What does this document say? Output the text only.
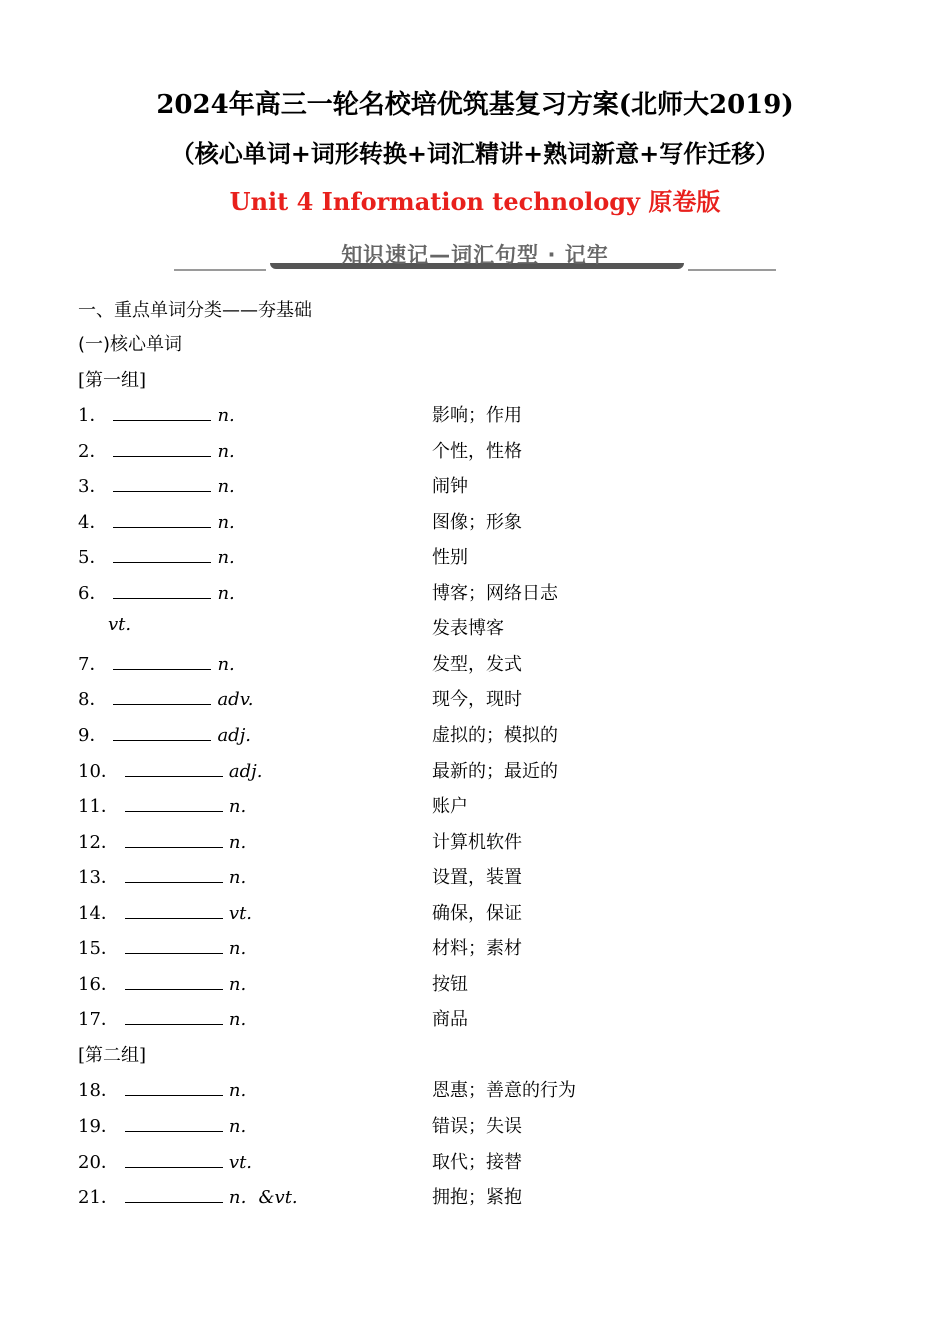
2024年高三一轮名校培优筑基复习方案(北师大2019)
（核心单词+词形转换+词汇精讲+熟词新意+写作迁移）
Unit 4 Information technology 原卷版
知识速记—词汇句型 · 记牢
一、重点单词分类——夯基础
(一)核心单词
[第一组]
1．	n.	影响；作用
2．	n.	个性，性格
3．	n.	闹钟
4．	n.	图像；形象
5．	n.	性别
6．	n.	博客；网络日志
vt.	发表博客
7．	n.	发型，发式
8．	adv.	现今，现时
9．	adj.	虚拟的；模拟的
10．	adj.	最新的；最近的
11．	n.	账户
12．	n.	计算机软件
13．	n.	设置，装置
14．	vt.	确保，保证
15．	n.	材料；素材
16．	n.	按钮
17．	n.	商品
[第二组]
18．	n.	恩惠；善意的行为
19．	n.	错误；失误
20．	vt.	取代；接替
21．	n．&vt.	拥抱；紧抱
